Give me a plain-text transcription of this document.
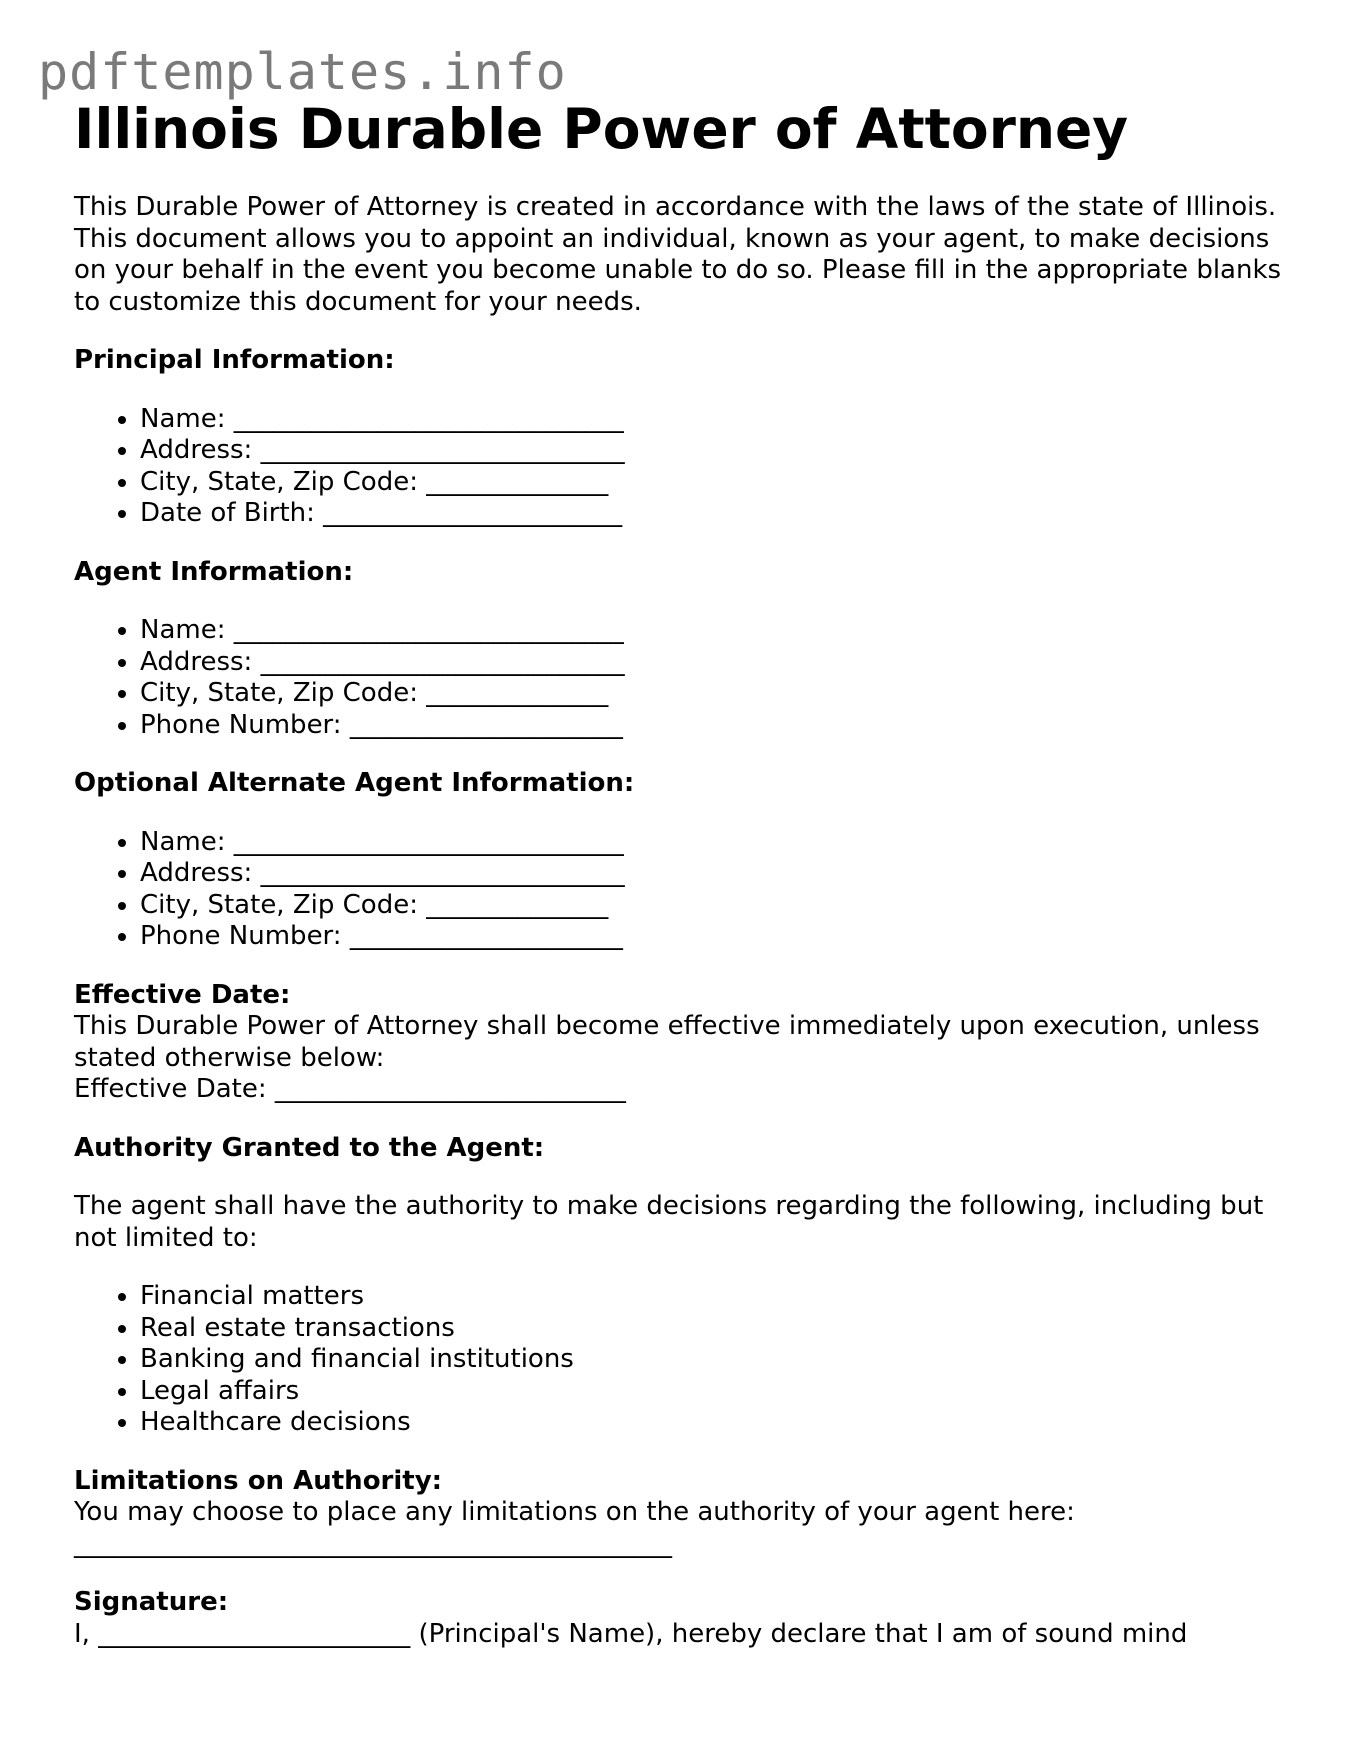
pdftemplates.info
Illinois Durable Power of Attorney

This Durable Power of Attorney is created in accordance with the laws of the state of Illinois. This document allows you to appoint an individual, known as your agent, to make decisions on your behalf in the event you become unable to do so. Please fill in the appropriate blanks to customize this document for your needs.

Principal Information:
• Name: ______________________________
• Address: ____________________________
• City, State, Zip Code: ______________
• Date of Birth: _______________________
Agent Information:
• Name: ______________________________
• Address: ____________________________
• City, State, Zip Code: ______________
• Phone Number: _____________________
Optional Alternate Agent Information:
• Name: ______________________________
• Address: ____________________________
• City, State, Zip Code: ______________
• Phone Number: _____________________
Effective Date:

This Durable Power of Attorney shall become effective immediately upon execution, unless stated otherwise below:

Effective Date: ___________________________

Authority Granted to the Agent:

The agent shall have the authority to make decisions regarding the following, including but not limited to:

• Financial matters
• Real estate transactions
• Banking and financial institutions
• Legal affairs
• Healthcare decisions
Limitations on Authority:

You may choose to place any limitations on the authority of your agent here:

______________________________________________

Signature:

I, ________________________ (Principal's Name), hereby declare that I am of sound mind
